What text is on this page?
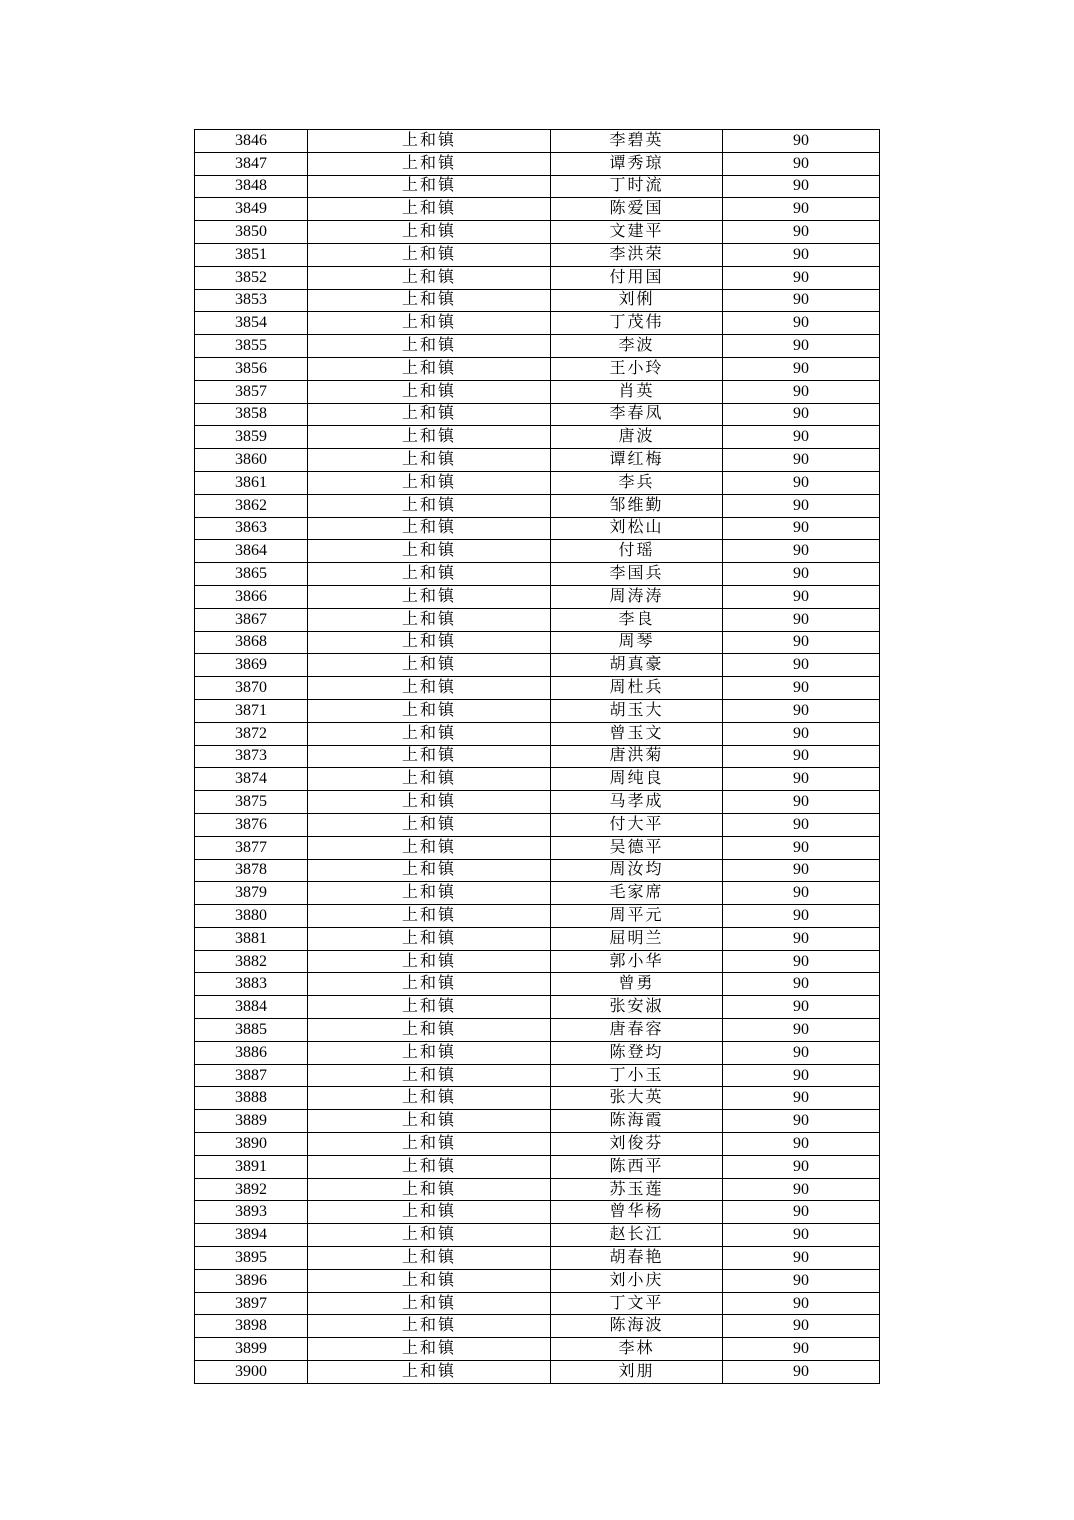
3846	上和镇	李碧英	90
3847	上和镇	谭秀琼	90
3848	上和镇	丁时流	90
3849	上和镇	陈爱国	90
3850	上和镇	文建平	90
3851	上和镇	李洪荣	90
3852	上和镇	付用国	90
3853	上和镇	刘俐	90
3854	上和镇	丁茂伟	90
3855	上和镇	李波	90
3856	上和镇	王小玲	90
3857	上和镇	肖英	90
3858	上和镇	李春凤	90
3859	上和镇	唐波	90
3860	上和镇	谭红梅	90
3861	上和镇	李兵	90
3862	上和镇	邹维勤	90
3863	上和镇	刘松山	90
3864	上和镇	付瑶	90
3865	上和镇	李国兵	90
3866	上和镇	周涛涛	90
3867	上和镇	李良	90
3868	上和镇	周琴	90
3869	上和镇	胡真豪	90
3870	上和镇	周杜兵	90
3871	上和镇	胡玉大	90
3872	上和镇	曾玉文	90
3873	上和镇	唐洪菊	90
3874	上和镇	周纯良	90
3875	上和镇	马孝成	90
3876	上和镇	付大平	90
3877	上和镇	吴德平	90
3878	上和镇	周汝均	90
3879	上和镇	毛家席	90
3880	上和镇	周平元	90
3881	上和镇	屈明兰	90
3882	上和镇	郭小华	90
3883	上和镇	曾勇	90
3884	上和镇	张安淑	90
3885	上和镇	唐春容	90
3886	上和镇	陈登均	90
3887	上和镇	丁小玉	90
3888	上和镇	张大英	90
3889	上和镇	陈海霞	90
3890	上和镇	刘俊芬	90
3891	上和镇	陈西平	90
3892	上和镇	苏玉莲	90
3893	上和镇	曾华杨	90
3894	上和镇	赵长江	90
3895	上和镇	胡春艳	90
3896	上和镇	刘小庆	90
3897	上和镇	丁文平	90
3898	上和镇	陈海波	90
3899	上和镇	李林	90
3900	上和镇	刘朋	90
